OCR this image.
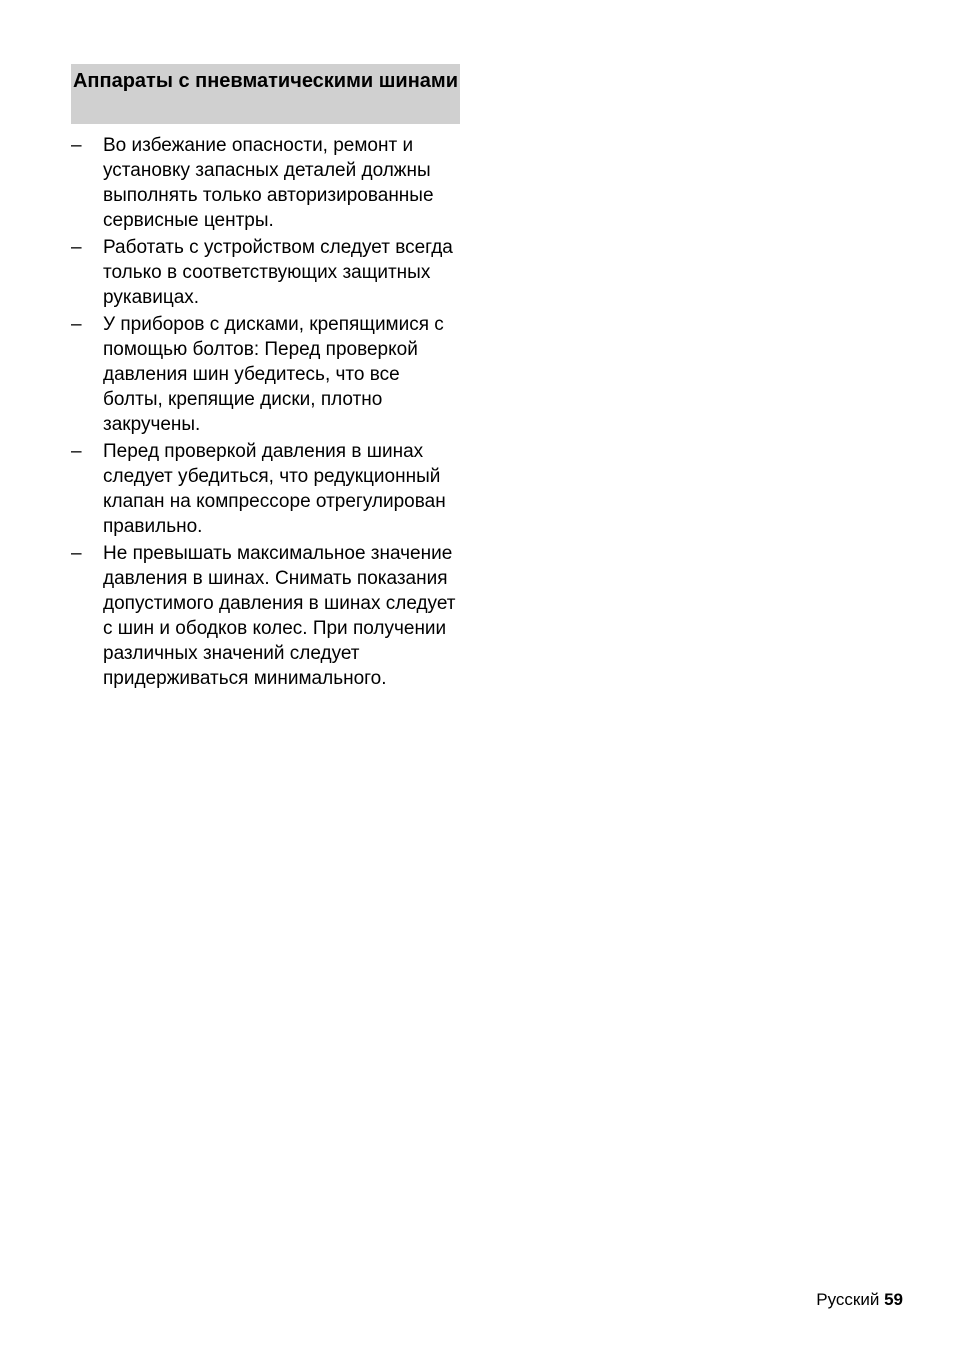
Аппараты с пневматическими шинами
–	Во избежание опасности, ремонт и установку запасных деталей должны выполнять только авторизированные сервисные центры.
–	Работать с устройством следует всегда только в соответствующих защитных рукавицах.
–	У приборов с дисками, крепящимися с помощью болтов: Перед проверкой давления шин убедитесь, что все болты, крепящие диски, плотно закручены.
–	Перед проверкой давления в шинах следует убедиться, что редукционный клапан на компрессоре отрегулирован правильно.
–	Не превышать максимальное значение давления в шинах. Снимать показания допустимого давления в шинах следует с шин и ободков колес. При получении различных значений следует придерживаться минимального.
Русский 59
